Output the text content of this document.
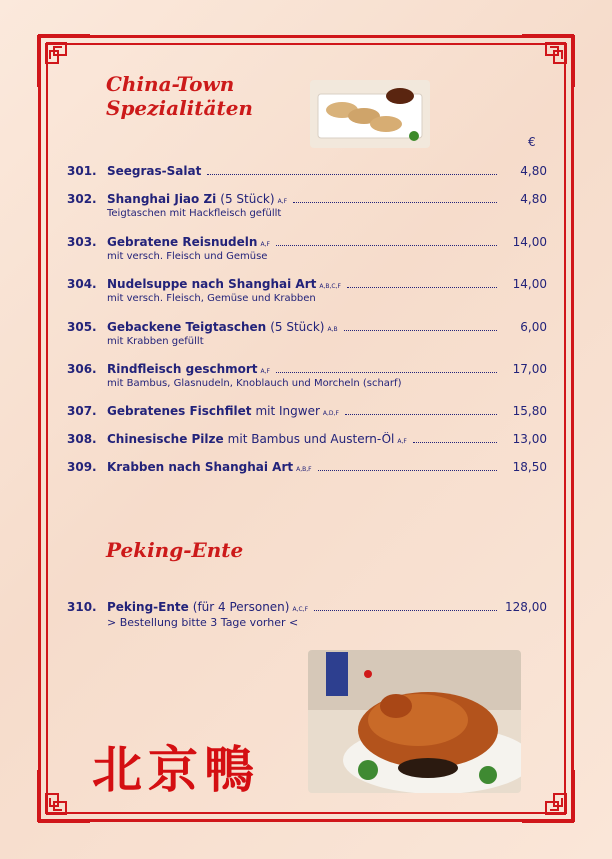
China-Town
Spezialitäten
€
301. Seegras-Salat	4,80
302. Shanghai Jiao Zi (5 Stück) A,F	4,80
Teigtaschen mit Hackfleisch gefüllt
303. Gebratene Reisnudeln A,F	14,00
mit versch. Fleisch und Gemüse
304. Nudelsuppe nach Shanghai Art A,B,C,F	14,00
mit versch. Fleisch, Gemüse und Krabben
305. Gebackene Teigtaschen (5 Stück) A,B	6,00
mit Krabben gefüllt
306. Rindfleisch geschmort A,F	17,00
mit Bambus, Glasnudeln, Knoblauch und Morcheln (scharf)
307. Gebratenes Fischfilet mit Ingwer A,D,F	15,80
308. Chinesische Pilze mit Bambus und Austern-Öl A,F	13,00
309. Krabben nach Shanghai Art A,B,F	18,50
Peking-Ente
310. Peking-Ente (für 4 Personen) A,C,F	128,00
> Bestellung bitte 3 Tage vorher <
北京鴨
